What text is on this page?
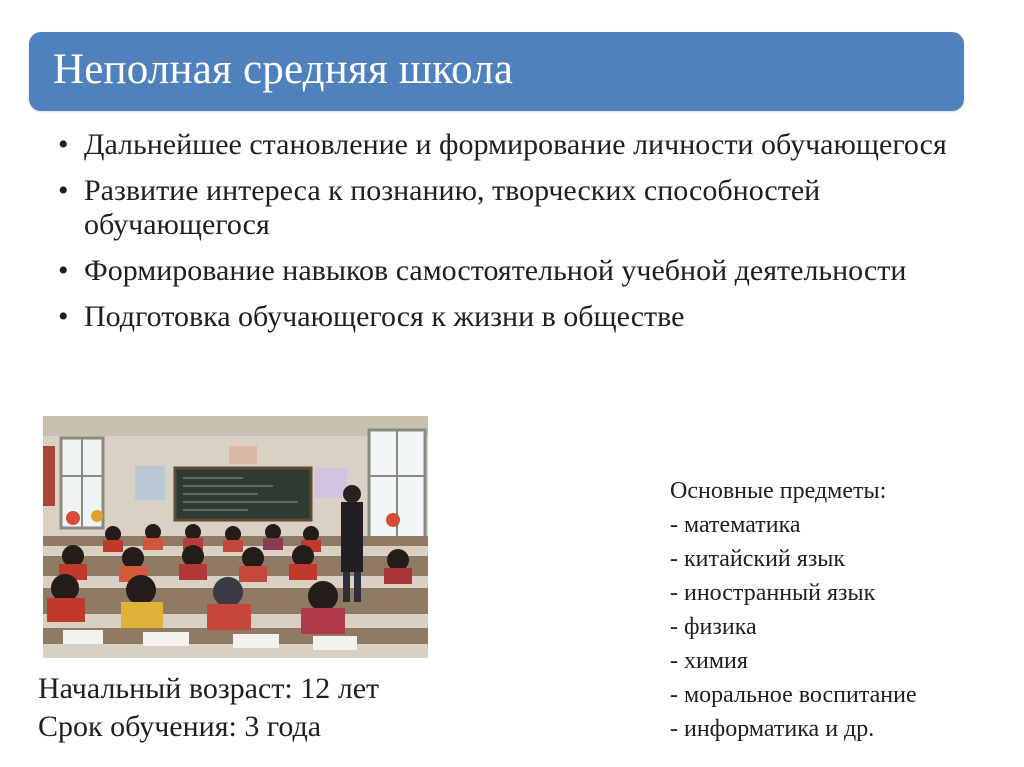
Неполная средняя школа
• Дальнейшее становление и формирование личности обучающегося
• Развитие интереса к познанию, творческих способностей обучающегося
• Формирование навыков самостоятельной учебной деятельности
• Подготовка обучающегося к жизни в обществе
Начальный возраст: 12 лет
Срок обучения: 3 года
Основные предметы:
- математика
- китайский язык
- иностранный язык
- физика
- химия
- моральное воспитание
- информатика и др.
